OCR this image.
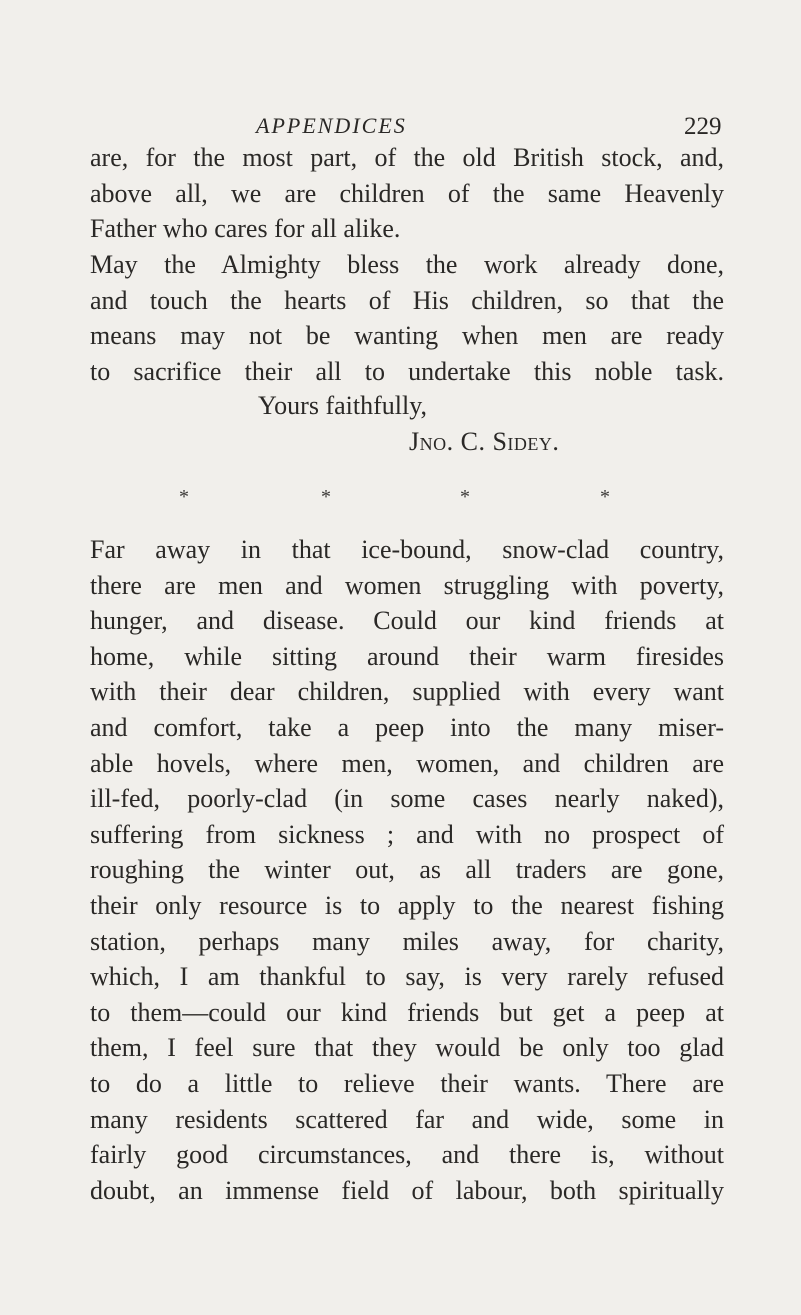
APPENDICES	229
are, for the most part, of the old British stock, and,
above all, we are children of the same Heavenly
Father who cares for all alike.
May the Almighty bless the work already done,
and touch the hearts of His children, so that the
means may not be wanting when men are ready
to sacrifice their all to undertake this noble task.
Yours faithfully,
Jno. C. Sidey.
*	*	*	*
Far away in that ice-bound, snow-clad country,
there are men and women struggling with poverty,
hunger, and disease. Could our kind friends at
home, while sitting around their warm firesides
with their dear children, supplied with every want
and comfort, take a peep into the many miser-
able hovels, where men, women, and children are
ill-fed, poorly-clad (in some cases nearly naked),
suffering from sickness ; and with no prospect of
roughing the winter out, as all traders are gone,
their only resource is to apply to the nearest fishing
station, perhaps many miles away, for charity,
which, I am thankful to say, is very rarely refused
to them—could our kind friends but get a peep at
them, I feel sure that they would be only too glad
to do a little to relieve their wants. There are
many residents scattered far and wide, some in
fairly good circumstances, and there is, without
doubt, an immense field of labour, both spiritually
